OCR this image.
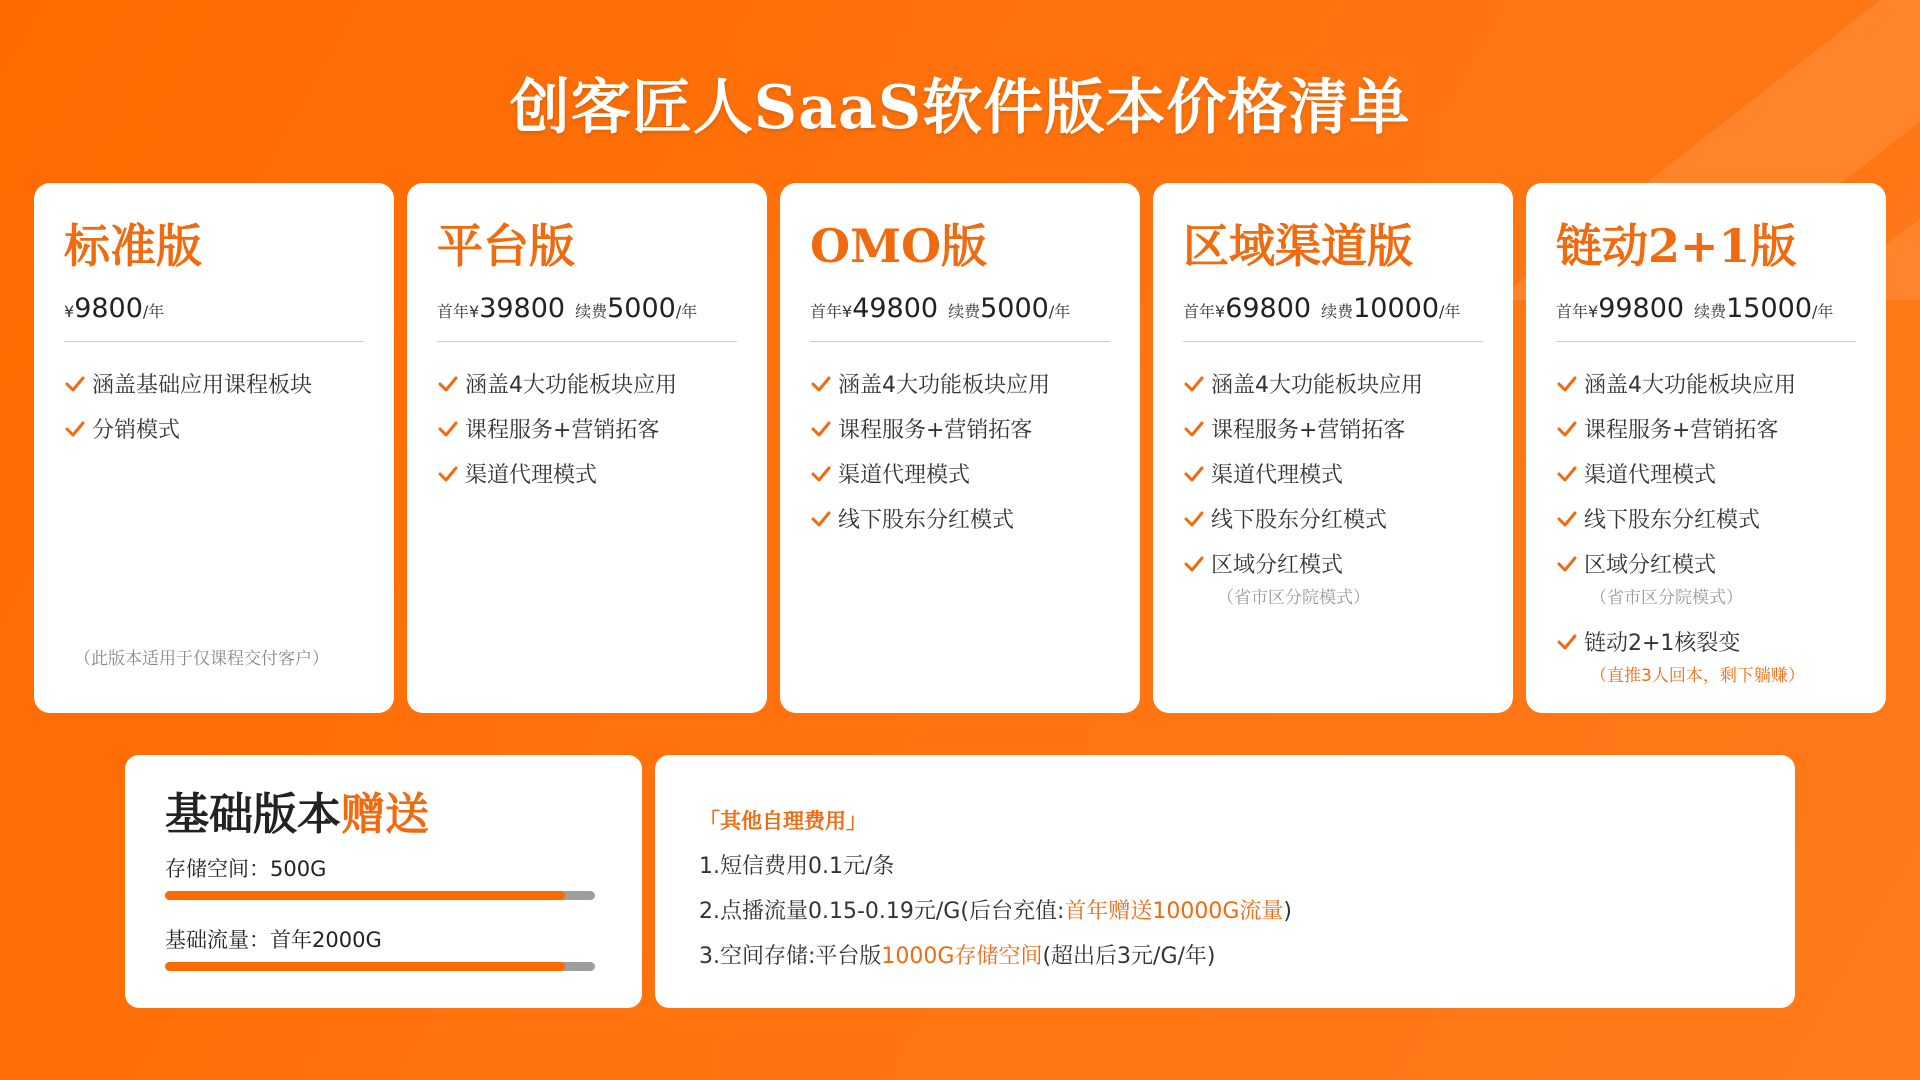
创客匠人SaaS软件版本价格清单
标准版
¥ 9800 /年
涵盖基础应用课程板块
分销模式
（此版本适用于仅课程交付客户）
平台版
首年 ¥ 39800 续费 5000 /年
涵盖4大功能板块应用
课程服务+营销拓客
渠道代理模式
OMO版
首年 ¥ 49800 续费 5000 /年
涵盖4大功能板块应用
课程服务+营销拓客
渠道代理模式
线下股东分红模式
区域渠道版
首年 ¥ 69800 续费 10000 /年
涵盖4大功能板块应用
课程服务+营销拓客
渠道代理模式
线下股东分红模式
区域分红模式
（省市区分院模式）
链动2+1版
首年 ¥ 99800 续费 15000 /年
涵盖4大功能板块应用
课程服务+营销拓客
渠道代理模式
线下股东分红模式
区域分红模式
（省市区分院模式）
链动2+1核裂变
（直推3人回本，剩下躺赚）
基础版本赠送
存储空间：500G
基础流量：首年2000G
「其他自理费用」
1.短信费用0.1元/条
2.点播流量0.15-0.19元/G(后台充值:首年赠送10000G流量)
3.空间存储:平台版1000G存储空间(超出后3元/G/年)
